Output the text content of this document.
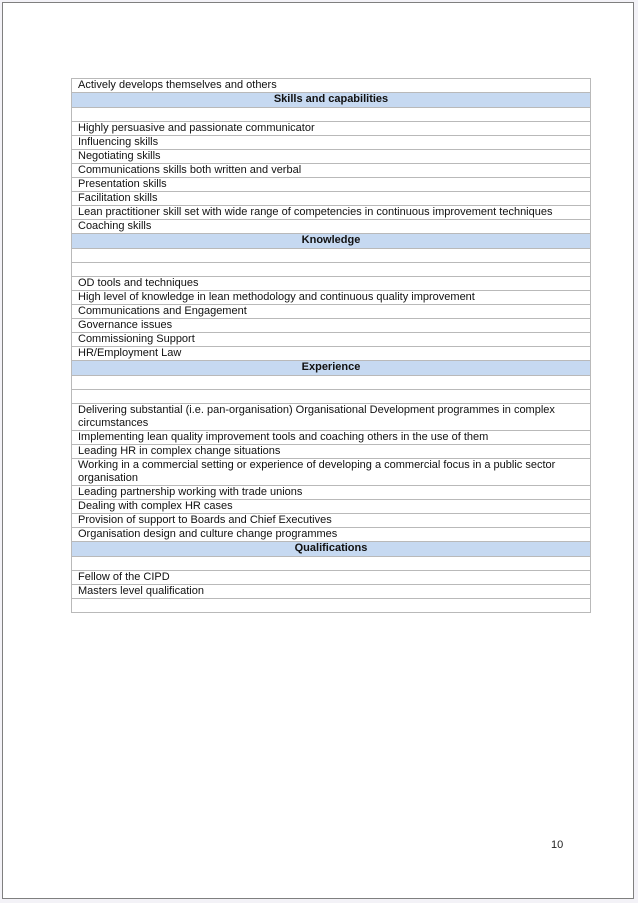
Actively develops themselves and others
Skills and capabilities

Highly persuasive and passionate communicator
Influencing skills
Negotiating skills
Communications skills both written and verbal
Presentation skills
Facilitation skills
Lean practitioner skill set with wide range of competencies in continuous improvement techniques
Coaching skills
Knowledge

OD tools and techniques
High level of knowledge in lean methodology and continuous quality improvement
Communications and Engagement
Governance issues
Commissioning Support
HR/Employment Law
Experience

Delivering substantial (i.e. pan-organisation) Organisational Development programmes in complex circumstances
Implementing lean quality improvement tools and coaching others in the use of them
Leading HR in complex change situations
Working in a commercial setting or experience of developing a commercial focus in a public sector organisation
Leading partnership working with trade unions
Dealing with complex HR cases
Provision of support to Boards and Chief Executives
Organisation design and culture change programmes
Qualifications

Fellow of the CIPD
Masters level qualification

10
